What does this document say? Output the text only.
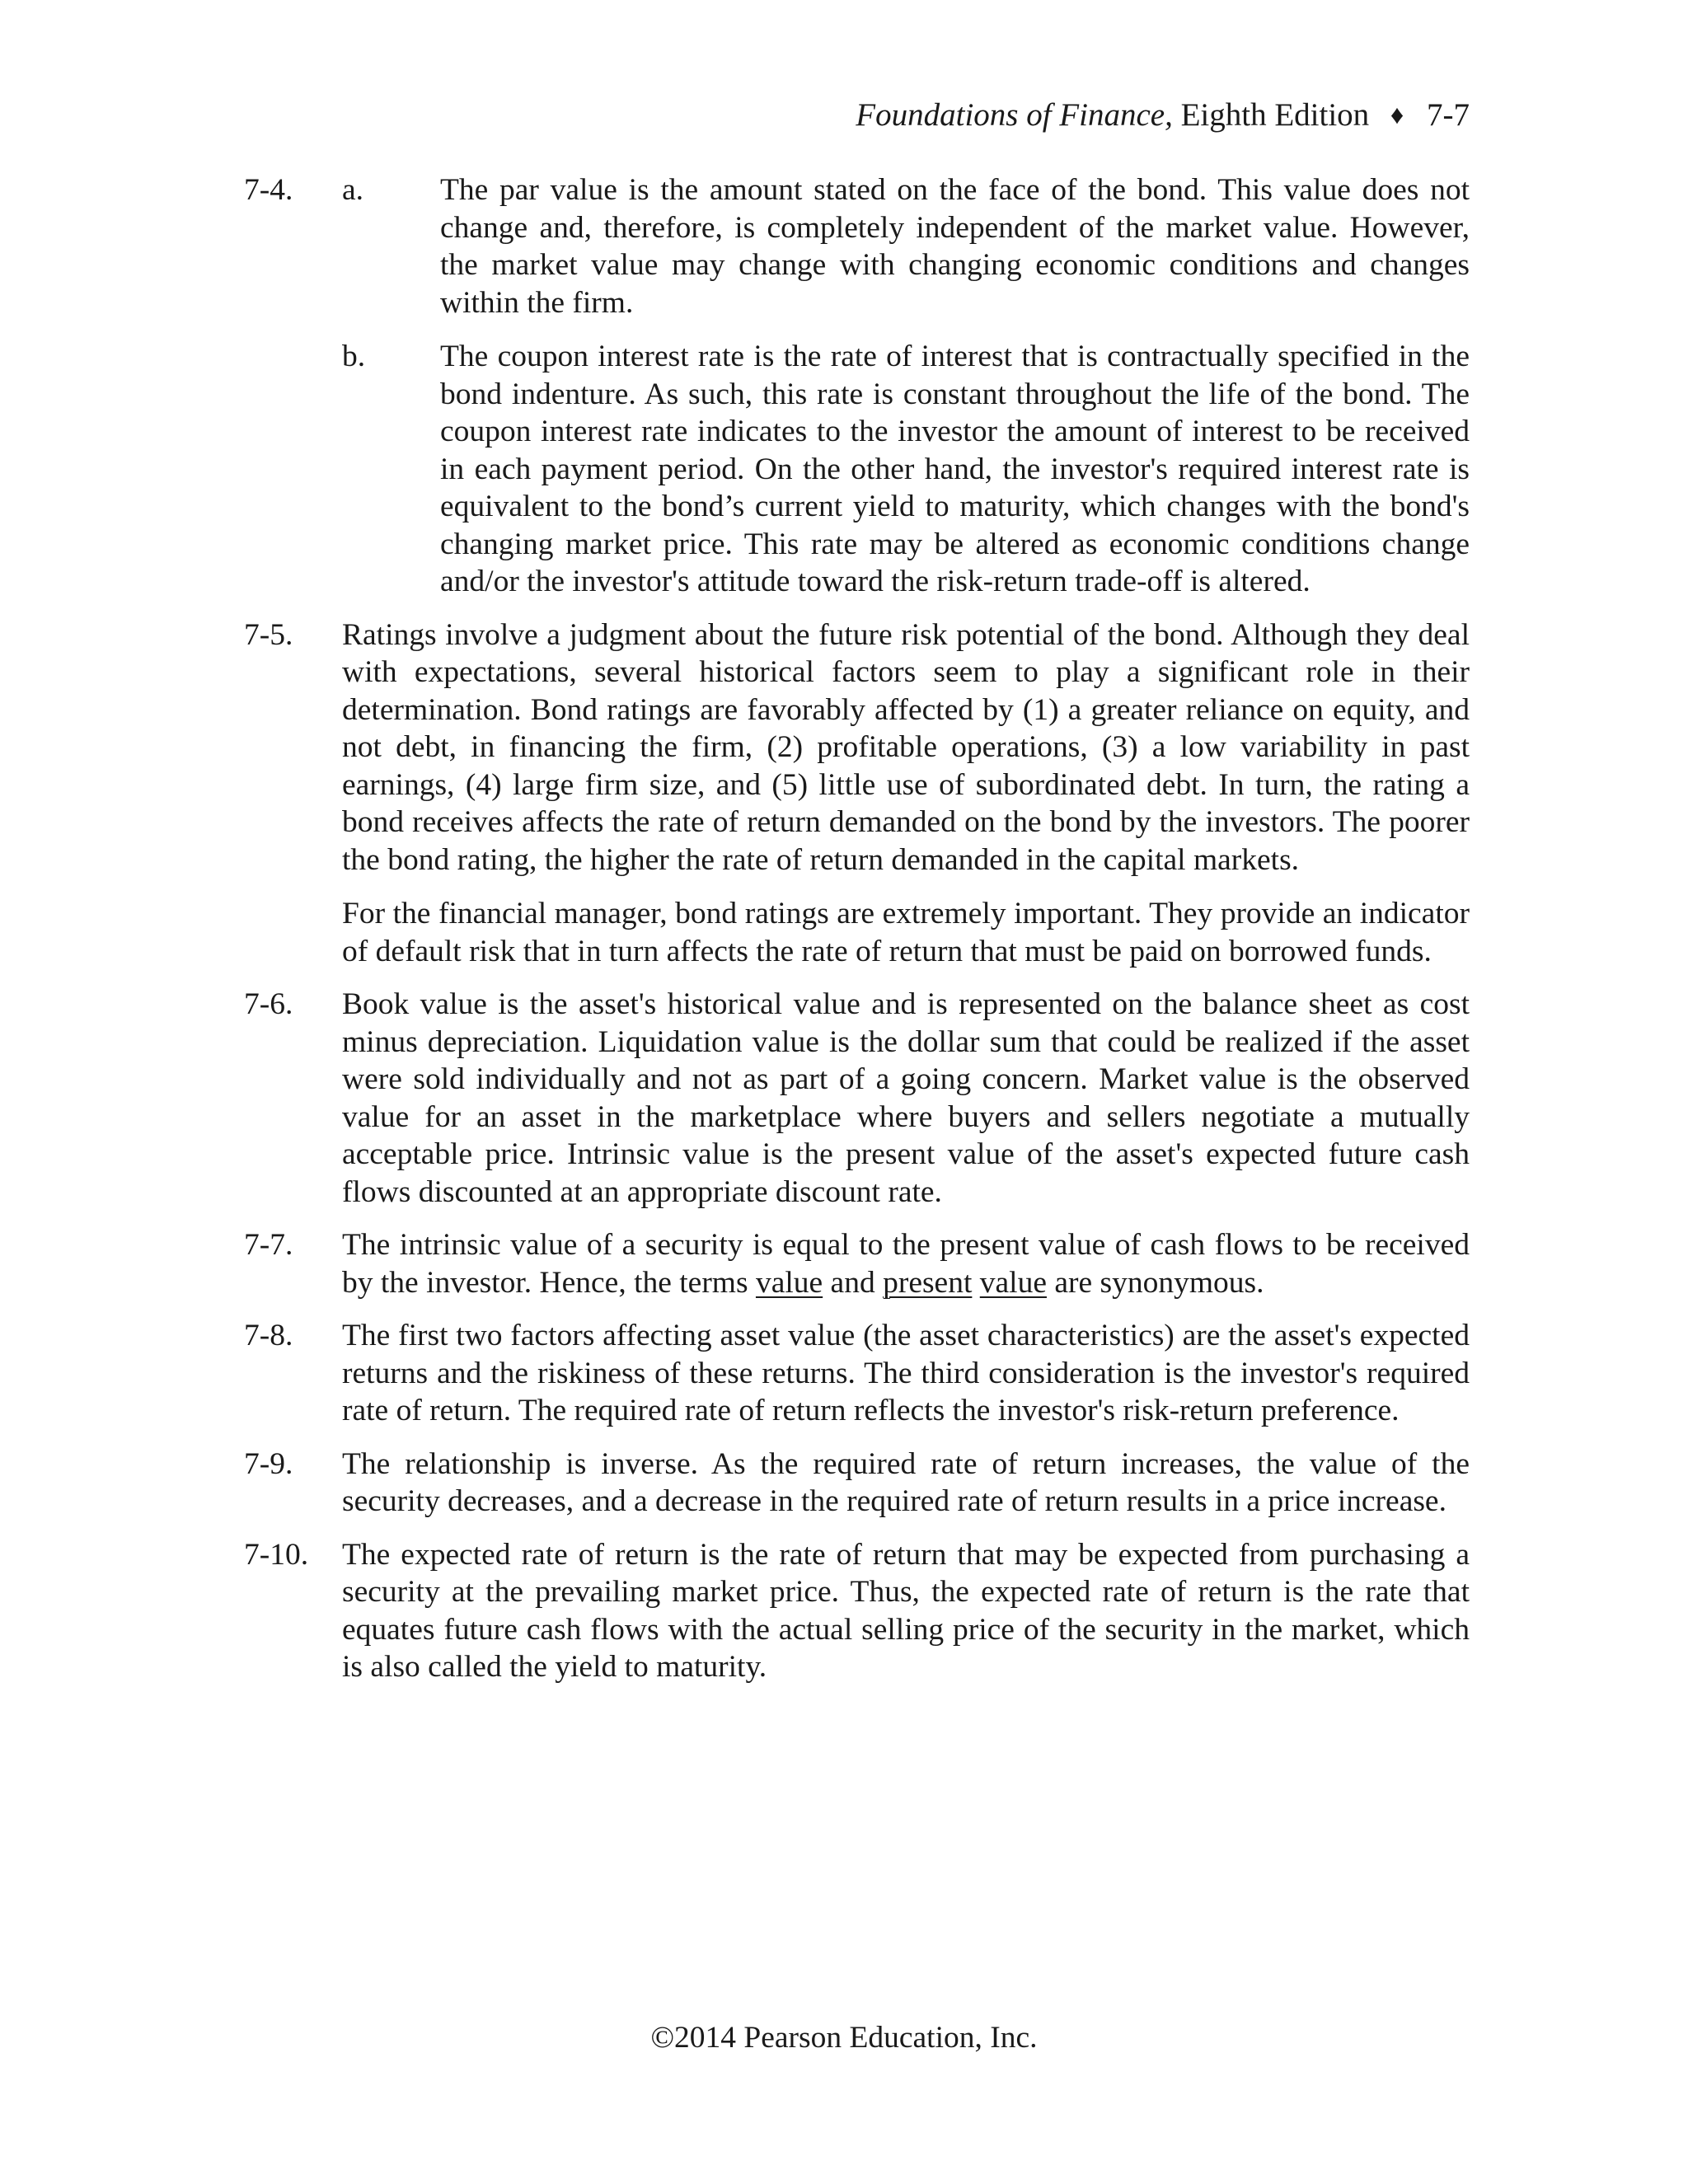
Foundations of Finance, Eighth Edition ♦ 7-7
7-4. a. The par value is the amount stated on the face of the bond. This value does not change and, therefore, is completely independent of the market value. However, the market value may change with changing economic conditions and changes within the firm.
b. The coupon interest rate is the rate of interest that is contractually specified in the bond indenture. As such, this rate is constant throughout the life of the bond. The coupon interest rate indicates to the investor the amount of interest to be received in each payment period. On the other hand, the investor's required interest rate is equivalent to the bond’s current yield to maturity, which changes with the bond's changing market price. This rate may be altered as economic conditions change and/or the investor's attitude toward the risk-return trade-off is altered.
7-5. Ratings involve a judgment about the future risk potential of the bond. Although they deal with expectations, several historical factors seem to play a significant role in their determination. Bond ratings are favorably affected by (1) a greater reliance on equity, and not debt, in financing the firm, (2) profitable operations, (3) a low variability in past earnings, (4) large firm size, and (5) little use of subordinated debt. In turn, the rating a bond receives affects the rate of return demanded on the bond by the investors. The poorer the bond rating, the higher the rate of return demanded in the capital markets.
For the financial manager, bond ratings are extremely important. They provide an indicator of default risk that in turn affects the rate of return that must be paid on borrowed funds.
7-6. Book value is the asset's historical value and is represented on the balance sheet as cost minus depreciation. Liquidation value is the dollar sum that could be realized if the asset were sold individually and not as part of a going concern. Market value is the observed value for an asset in the marketplace where buyers and sellers negotiate a mutually acceptable price. Intrinsic value is the present value of the asset's expected future cash flows discounted at an appropriate discount rate.
7-7. The intrinsic value of a security is equal to the present value of cash flows to be received by the investor. Hence, the terms value and present value are synonymous.
7-8. The first two factors affecting asset value (the asset characteristics) are the asset's expected returns and the riskiness of these returns. The third consideration is the investor's required rate of return. The required rate of return reflects the investor's risk-return preference.
7-9. The relationship is inverse. As the required rate of return increases, the value of the security decreases, and a decrease in the required rate of return results in a price increase.
7-10. The expected rate of return is the rate of return that may be expected from purchasing a security at the prevailing market price. Thus, the expected rate of return is the rate that equates future cash flows with the actual selling price of the security in the market, which is also called the yield to maturity.
©2014 Pearson Education, Inc.
